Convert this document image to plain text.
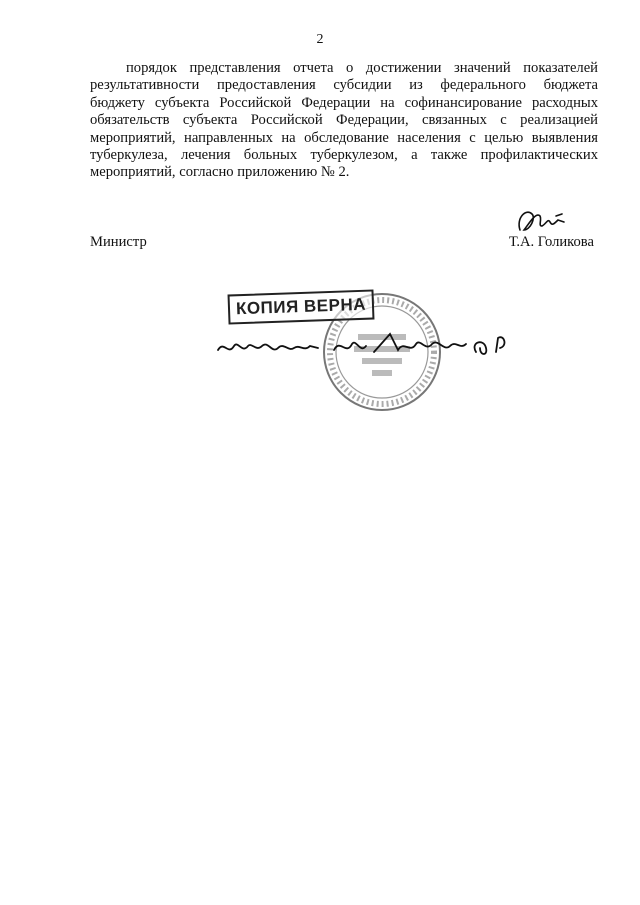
2

порядок представления отчета о достижении значений показателей
результативности предоставления субсидии из федерального бюджета
бюджету субъекта Российской Федерации на софинансирование расходных
обязательств субъекта Российской Федерации, связанных с реализацией
мероприятий, направленных на обследование населения с целью выявления
туберкулеза, лечения больных туберкулезом, а также профилактических
мероприятий, согласно приложению № 2.

Министр	Т.А. Голикова
КОПИЯ ВЕРНА
